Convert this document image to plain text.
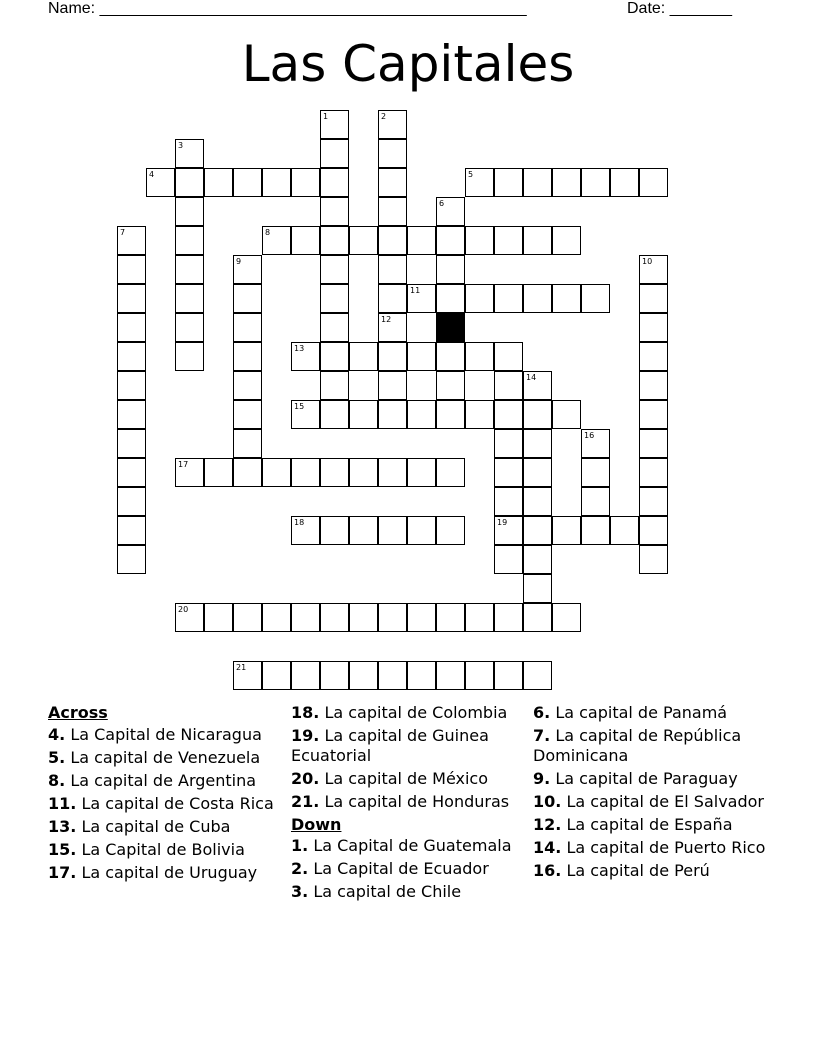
Name: ________________________________________________	Date: _______
Las Capitales
1	2
3
4	5
6
7	8
9	10
11
12
13
14
15
16
17
18	19
20
21
Across
4. La Capital de Nicaragua
5. La capital de Venezuela
8. La capital de Argentina
11. La capital de Costa Rica
13. La capital de Cuba
15. La Capital de Bolivia
17. La capital de Uruguay
18. La capital de Colombia
19. La capital de Guinea Ecuatorial
20. La capital de México
21. La capital de Honduras
Down
1. La Capital de Guatemala
2. La Capital de Ecuador
3. La capital de Chile
6. La capital de Panamá
7. La capital de República Dominicana
9. La capital de Paraguay
10. La capital de El Salvador
12. La capital de España
14. La capital de Puerto Rico
16. La capital de Perú
